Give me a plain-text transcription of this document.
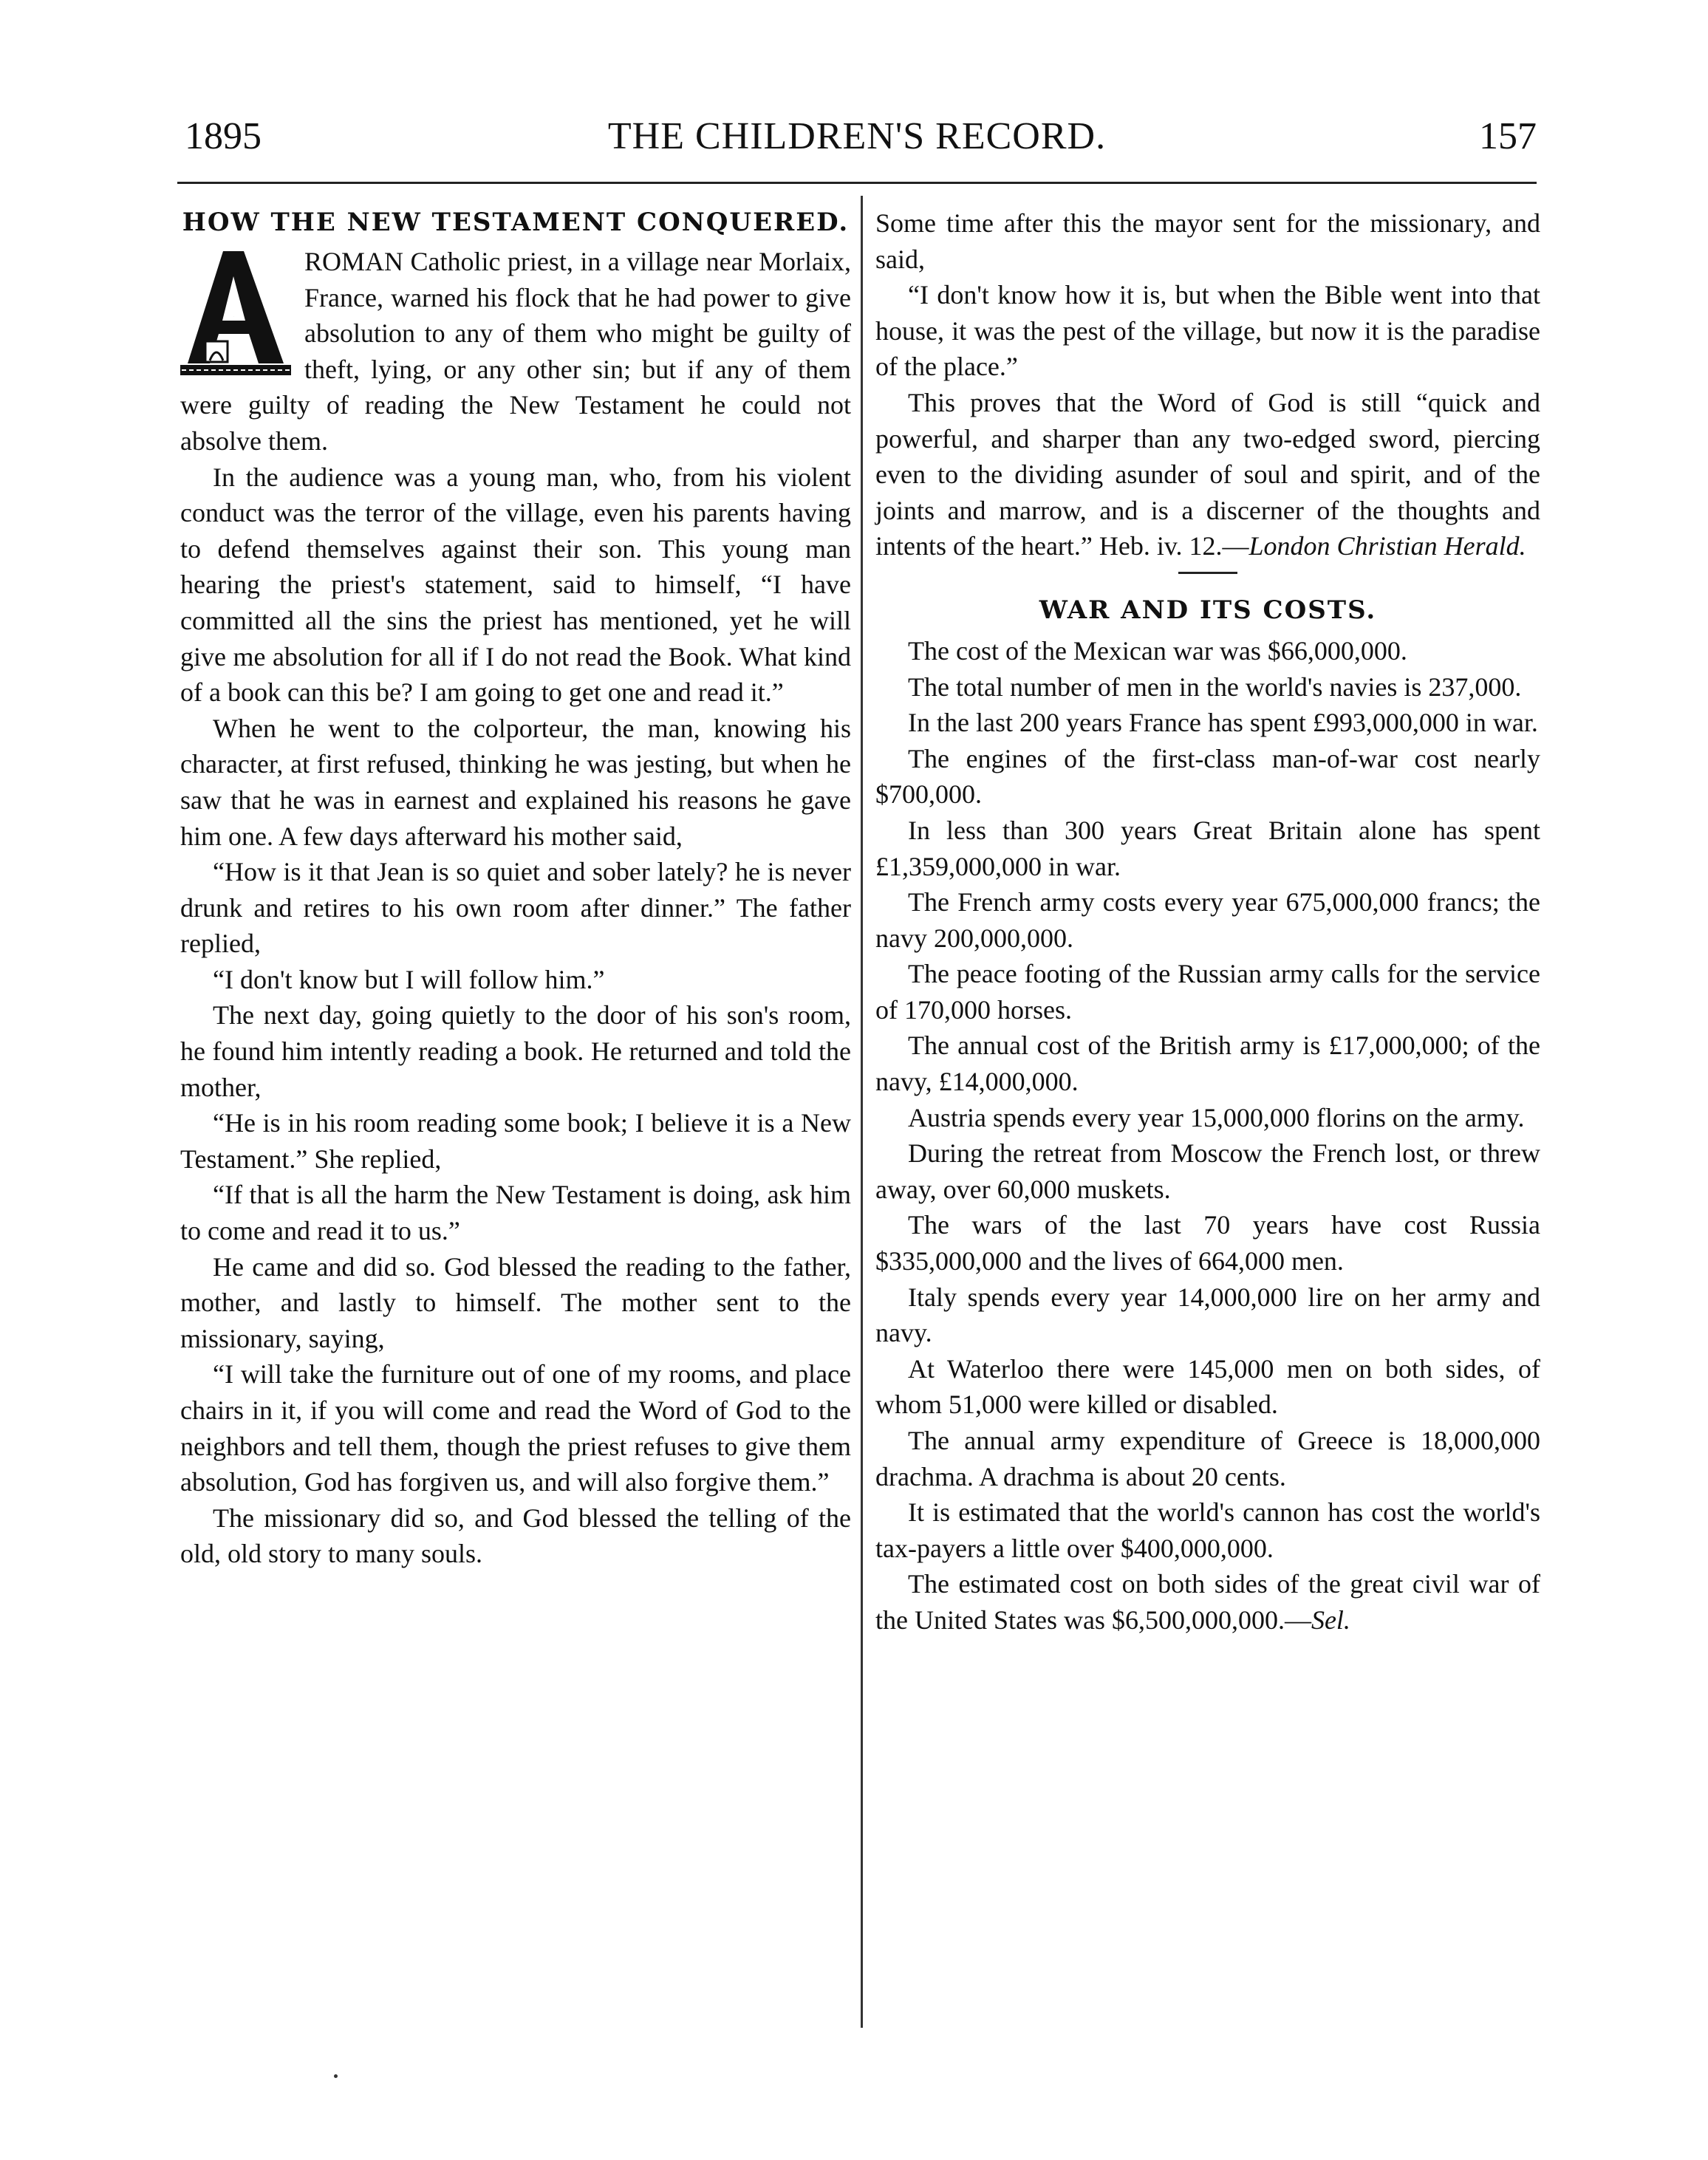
1895	THE CHILDREN'S RECORD.	157
HOW THE NEW TESTAMENT CONQUERED.
A

ROMAN Catholic priest, in a village near Morlaix, France, warned his flock that he had power to give absolution to any of them who might be guilty of theft, lying, or any other sin; but if any of them were guilty of reading the New Testament he could not absolve them.

In the audience was a young man, who, from his violent conduct was the terror of the village, even his parents having to defend themselves against their son. This young man hearing the priest's statement, said to himself, “I have committed all the sins the priest has mentioned, yet he will give me absolution for all if I do not read the Book. What kind of a book can this be? I am going to get one and read it.”

When he went to the colporteur, the man, knowing his character, at first refused, thinking he was jesting, but when he saw that he was in earnest and explained his reasons he gave him one. A few days afterward his mother said,

“How is it that Jean is so quiet and sober lately? he is never drunk and retires to his own room after dinner.” The father replied,

“I don't know but I will follow him.”

The next day, going quietly to the door of his son's room, he found him intently reading a book. He returned and told the mother,

“He is in his room reading some book; I believe it is a New Testament.” She replied,

“If that is all the harm the New Testament is doing, ask him to come and read it to us.”

He came and did so. God blessed the reading to the father, mother, and lastly to himself. The mother sent to the missionary, saying,

“I will take the furniture out of one of my rooms, and place chairs in it, if you will come and read the Word of God to the neighbors and tell them, though the priest refuses to give them absolution, God has forgiven us, and will also forgive them.”

The missionary did so, and God blessed the telling of the old, old story to many souls.

Some time after this the mayor sent for the missionary, and said,

“I don't know how it is, but when the Bible went into that house, it was the pest of the village, but now it is the paradise of the place.”

This proves that the Word of God is still “quick and powerful, and sharper than any two-edged sword, piercing even to the dividing asunder of soul and spirit, and of the joints and marrow, and is a discerner of the thoughts and intents of the heart.” Heb. iv. 12.—London Christian Herald.

WAR AND ITS COSTS.

The cost of the Mexican war was $66,000,000.

The total number of men in the world's navies is 237,000.

In the last 200 years France has spent £993,000,000 in war.

The engines of the first-class man-of-war cost nearly $700,000.

In less than 300 years Great Britain alone has spent £1,359,000,000 in war.

The French army costs every year 675,000,000 francs; the navy 200,000,000.

The peace footing of the Russian army calls for the service of 170,000 horses.

The annual cost of the British army is £17,000,000; of the navy, £14,000,000.

Austria spends every year 15,000,000 florins on the army.

During the retreat from Moscow the French lost, or threw away, over 60,000 muskets.

The wars of the last 70 years have cost Russia $335,000,000 and the lives of 664,000 men.

Italy spends every year 14,000,000 lire on her army and navy.

At Waterloo there were 145,000 men on both sides, of whom 51,000 were killed or disabled.

The annual army expenditure of Greece is 18,000,000 drachma. A drachma is about 20 cents.

It is estimated that the world's cannon has cost the world's tax-payers a little over $400,000,000.

The estimated cost on both sides of the great civil war of the United States was $6,500,000,000.—Sel.
